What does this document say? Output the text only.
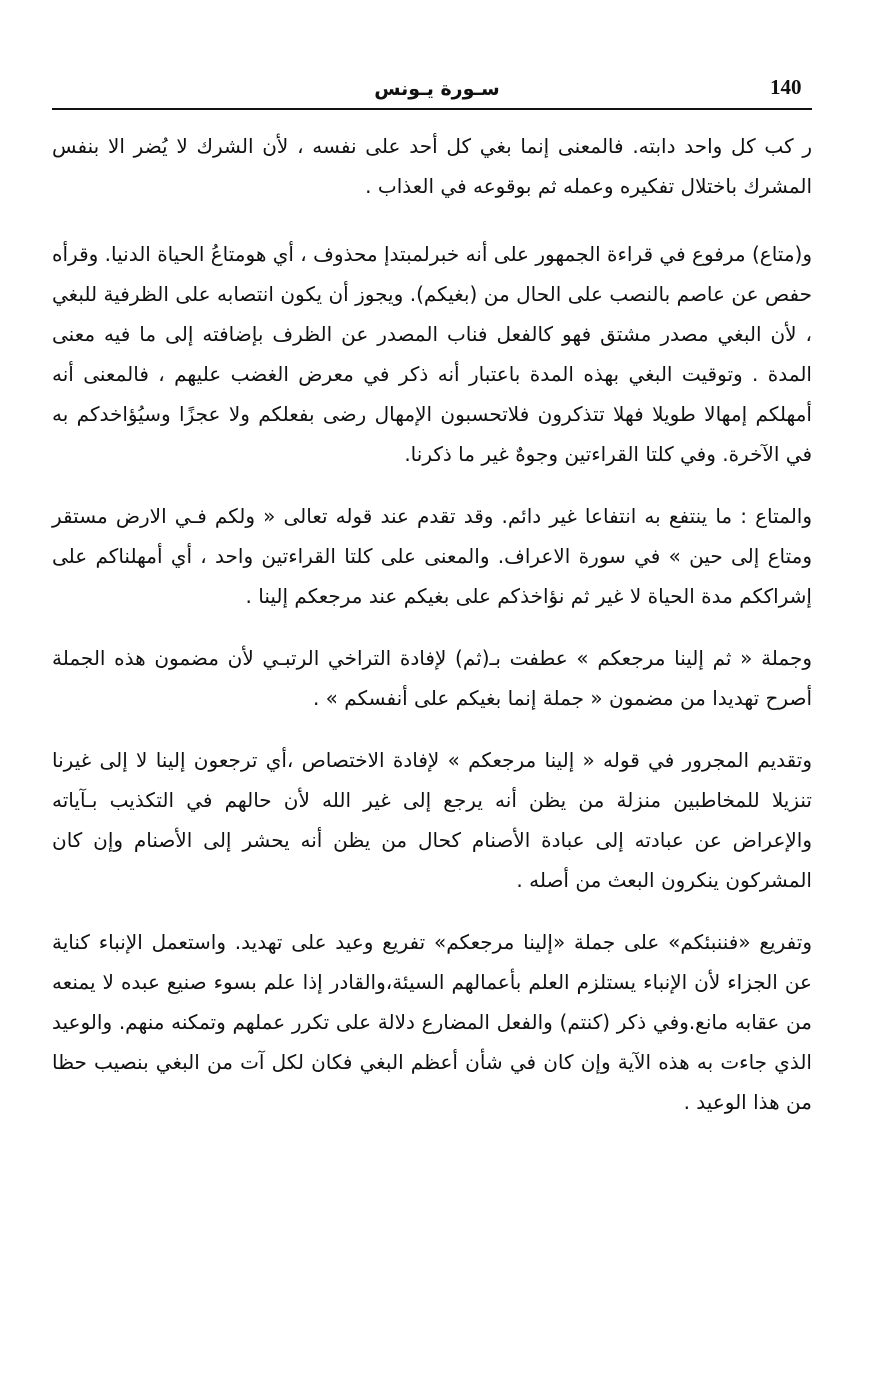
140
سـورة يـونس

ر كب كل واحد دابته. فالمعنى إنما بغي كل أحد على نفسه ، لأن الشرك لا يُضر الا بنفس المشرك باختلال تفكيره وعمله ثم بوقوعه في العذاب .

و(متاع) مرفوع في قراءة الجمهور على أنه خبرلمبتدإ محذوف ، أي هومتاعُ الحياة الدنيا. وقرأه حفص عن عاصم بالنصب على الحال من (بغيكم). ويجوز أن يكون انتصابه على الظرفية للبغي ، لأن البغي مصدر مشتق فهو كالفعل فناب المصدر عن الظرف بإضافته إلى ما فيه معنى المدة . وتوقيت البغي بهذه المدة باعتبار أنه ذكر في معرض الغضب عليهم ، فالمعنى أنه أمهلكم إمهالا طويلا فهلا تتذكرون فلاتحسبون الإمهال رضى بفعلكم ولا عجزًا وسيُؤاخدكم به في الآخرة. وفي كلتا القراءتين وجوهٌ غير ما ذكرنا.

والمتاع : ما ينتفع به انتفاعا غير دائم. وقد تقدم عند قوله تعالى « ولكم فـي الارض مستقر ومتاع إلى حين » في سورة الاعراف. والمعنى على كلتا القراءتين واحد ، أي أمهلناكم على إشراككم مدة الحياة لا غير ثم نؤاخذكم على بغيكم عند مرجعكم إلينا .

وجملة « ثم إلينا مرجعكم » عطفت بـ(ثم) لإفادة التراخي الرتبـي لأن مضمون هذه الجملة أصرح تهديدا من مضمون « جملة إنما بغيكم على أنفسكم » .

وتقديم المجرور في قوله « إلينا مرجعكم » لإفادة الاختصاص ،أي ترجعون إلينا لا إلى غيرنا تنزيلا للمخاطبين منزلة من يظن أنه يرجع إلى غير الله لأن حالهم في التكذيب بـآياته والإعراض عن عبادته إلى عبادة الأصنام كحال من يظن أنه يحشر إلى الأصنام وإن كان المشركون ينكرون البعث من أصله .

وتفريع «فننبئكم» على جملة «إلينا مرجعكم» تفريع وعيد على تهديد. واستعمل الإنباء كناية عن الجزاء لأن الإنباء يستلزم العلم بأعمالهم السيئة،والقادر إذا علم بسوء صنيع عبده لا يمنعه من عقابه مانع.وفي ذكر (كنتم) والفعل المضارع دلالة على تكرر عملهم وتمكنه منهم. والوعيد الذي جاءت به هذه الآية وإن كان في شأن أعظم البغي فكان لكل آت من البغي بنصيب حظا من هذا الوعيد .
